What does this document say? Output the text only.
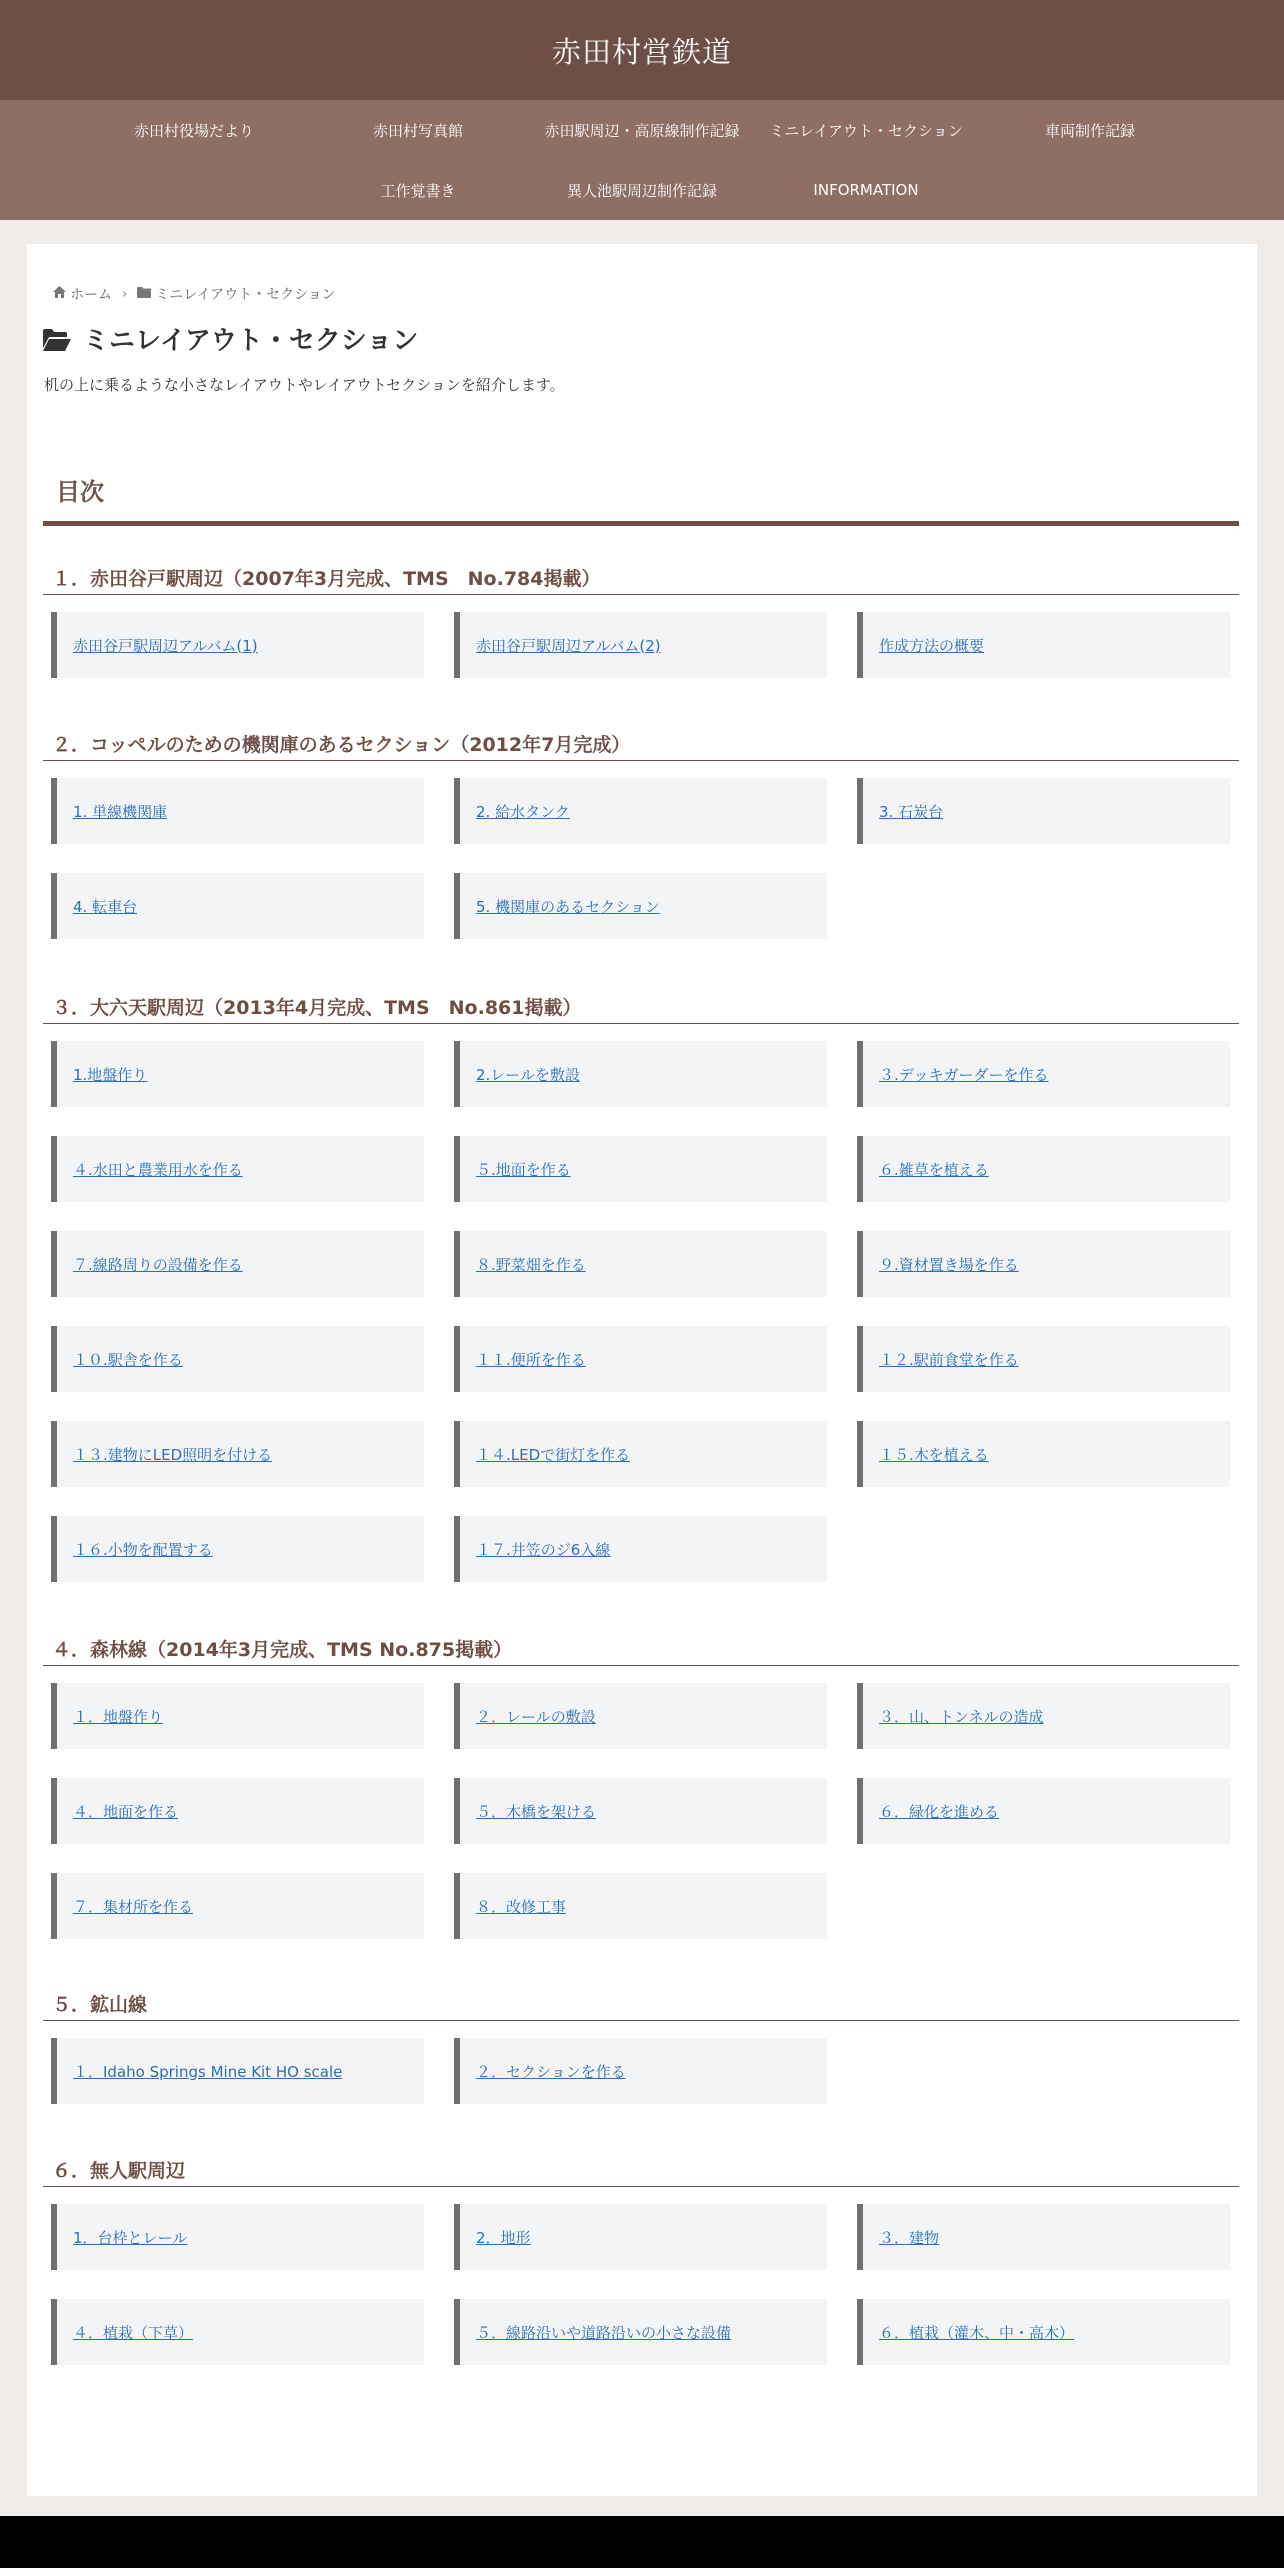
赤田村営鉄道
赤田村役場だより	赤田村写真館	赤田駅周辺・高原線制作記録	ミニレイアウト・セクション	車両制作記録
工作覚書き	異人池駅周辺制作記録	INFORMATION
ホーム › ミニレイアウト・セクション
ミニレイアウト・セクション

机の上に乗るような小さなレイアウトやレイアウトセクションを紹介します。

目次
１．赤田谷戸駅周辺（2007年3月完成、TMS　No.784掲載）
赤田谷戸駅周辺アルバム(1)	赤田谷戸駅周辺アルバム(2)	作成方法の概要
２．コッペルのための機関庫のあるセクション（2012年7月完成）
1. 単線機関庫	2. 給水タンク	3. 石炭台
4. 転車台	5. 機関庫のあるセクション
３．大六天駅周辺（2013年4月完成、TMS　No.861掲載）
1.地盤作り	2.レールを敷設	３.デッキガーダーを作る
４.水田と農業用水を作る	５.地面を作る	６.雑草を植える
７.線路周りの設備を作る	８.野菜畑を作る	９.資材置き場を作る
１０.駅舎を作る	１１.便所を作る	１２.駅前食堂を作る
１３.建物にLED照明を付ける	１４.LEDで街灯を作る	１５.木を植える
１６.小物を配置する	１７.井笠のジ6入線
４．森林線（2014年3月完成、TMS No.875掲載）
１．地盤作り	２．レールの敷設	３．山、トンネルの造成
４．地面を作る	５．木橋を架ける	６．緑化を進める
７．集材所を作る	８．改修工事
５．鉱山線
１．Idaho Springs Mine Kit HO scale	２．セクションを作る
６．無人駅周辺
1．台枠とレール	2．地形	３．建物
４．植栽（下草）	５．線路沿いや道路沿いの小さな設備	６．植栽（灌木、中・高木）
